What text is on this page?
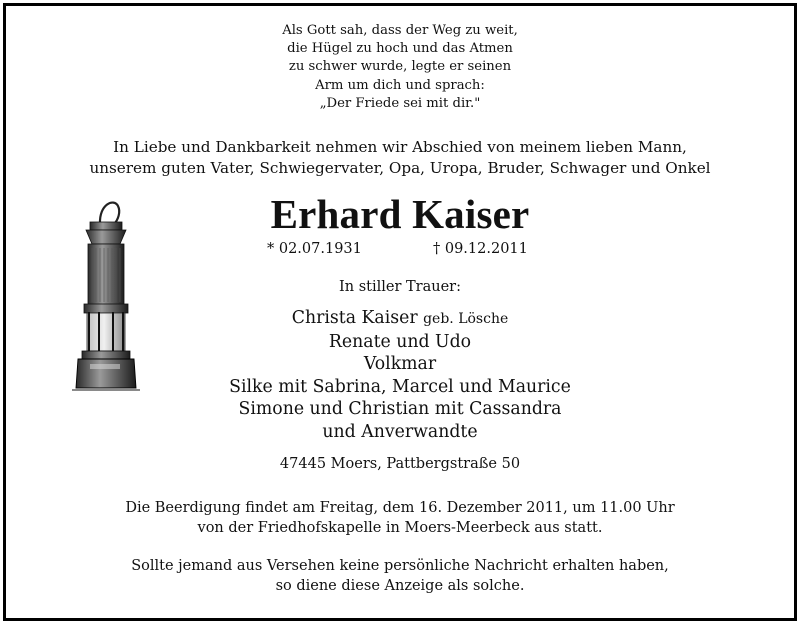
Als Gott sah, dass der Weg zu weit,
die Hügel zu hoch und das Atmen
zu schwer wurde, legte er seinen
Arm um dich und sprach:
„Der Friede sei mit dir."
In Liebe und Dankbarkeit nehmen wir Abschied von meinem lieben Mann,
unserem guten Vater, Schwiegervater, Opa, Uropa, Bruder, Schwager und Onkel
Erhard Kaiser
* 02.07.1931	† 09.12.2011
In stiller Trauer:
Christa Kaiser geb. Lösche
Renate und Udo
Volkmar
Silke mit Sabrina, Marcel und Maurice
Simone und Christian mit Cassandra
und Anverwandte
47445 Moers, Pattbergstraße 50
Die Beerdigung findet am Freitag, dem 16. Dezember 2011, um 11.00 Uhr
von der Friedhofskapelle in Moers-Meerbeck aus statt.
Sollte jemand aus Versehen keine persönliche Nachricht erhalten haben,
so diene diese Anzeige als solche.
